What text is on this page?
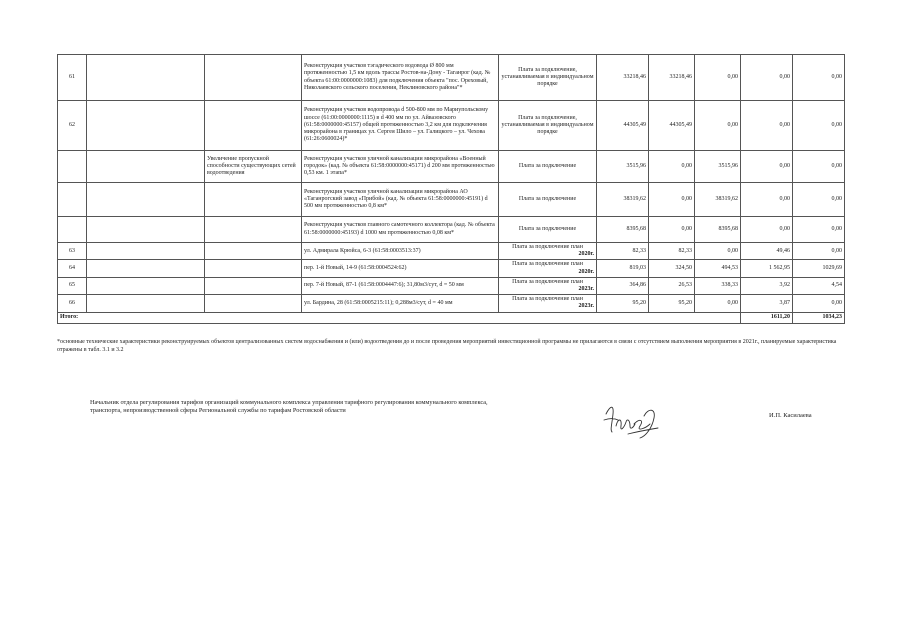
61			Реконструкция участков тэгадического водовода Ø 800 мм протяженностью 1,5 км вдоль трассы Ростов-на-Дону - Таганрог (кад. № объекта 61:00:0000000:1083) для подключения объекта "пос. Ореховый, Николаевского сельского поселения, Неклиновского района"*	Плата за подключение, устанавливаемая в индивидуальном порядке	33218,46	33218,46	0,00	0,00	0,00
62			Реконструкция участков водопровода d 500-800 мм по Мариупольскому шоссе (61:00:0000000:1115) в d 400 мм по ул. Айвазовского (61:58:0000000:45157) общей протяженностью 3,2 км для подключения микрорайона в границах ул. Сергея Шило – ул. Галицкого – ул. Чехова (61:26:0600024)*	Плата за подключение, устанавливаемая в индивидуальном порядке	44305,49	44305,49	0,00	0,00	0,00
		Увеличение пропускной способности существующих сетей водоотведения	Реконструкция участков уличной канализации микрорайона «Военный городок» (кад. № объекта 61:58:0000000:45171) d 200 мм протяженностью 0,53 км. 1 этапа*	Плата за подключение	3515,96	0,00	3515,96	0,00	0,00
			Реконструкция участков уличной канализации микрорайона АО «Таганрогский завод «Прибой» (кад. № объекта 61:58:0000000:45191) d 500 мм протяженностью 0,8 км*	Плата за подключение	38319,62	0,00	38319,62	0,00	0,00
			Реконструкция участков главного самотечного коллектора (кад. № объекта 61:58:0000000:45193) d 1000 мм протяженностью 0,08 км*	Плата за подключение	8395,68	0,00	8395,68	0,00	0,00
63			ул. Адмирала Крюйса, 6-3 (61:58:0003513:37)	Плата за подключение план
2020г.	82,33	82,33	0,00	49,46	0,00
64			пер. 1-й Новый, 14-9 (61:58:0004524:62)	Плата за подключение план
2020г.	819,03	324,50	494,53	1 562,95	1029,69
65			пер. 7-й Новый, 87-1 (61:58:0004447:6); 31,80м3/сут, d = 50 мм	Плата за подключение план
2023г.	364,86	26,53	338,33	3,92	4,54
66			ул. Бардина, 28 (61:58:0005215:11); 0,288м3/сут, d = 40 мм	Плата за подключение план
2023г.	95,20	95,20	0,00	3,87	0,00
Итого:								1611,20	1034,23
*основные технические характеристики реконструируемых объектов централизованных систем водоснабжения и (или) водоотведения до и после проведения мероприятий инвестиционной программы не прилагаются в связи с отсутствием выполнения мероприятия в 2021г., планируемые характеристика отражены в табл. 3.1 и 3.2
Начальник отдела регулирования тарифов организаций коммунального комплекса управления тарифного регулирования коммунального комплекса, транспорта, непроизводственной сферы Региональной службы по тарифам Ростовской области
И.П. Касилаева
